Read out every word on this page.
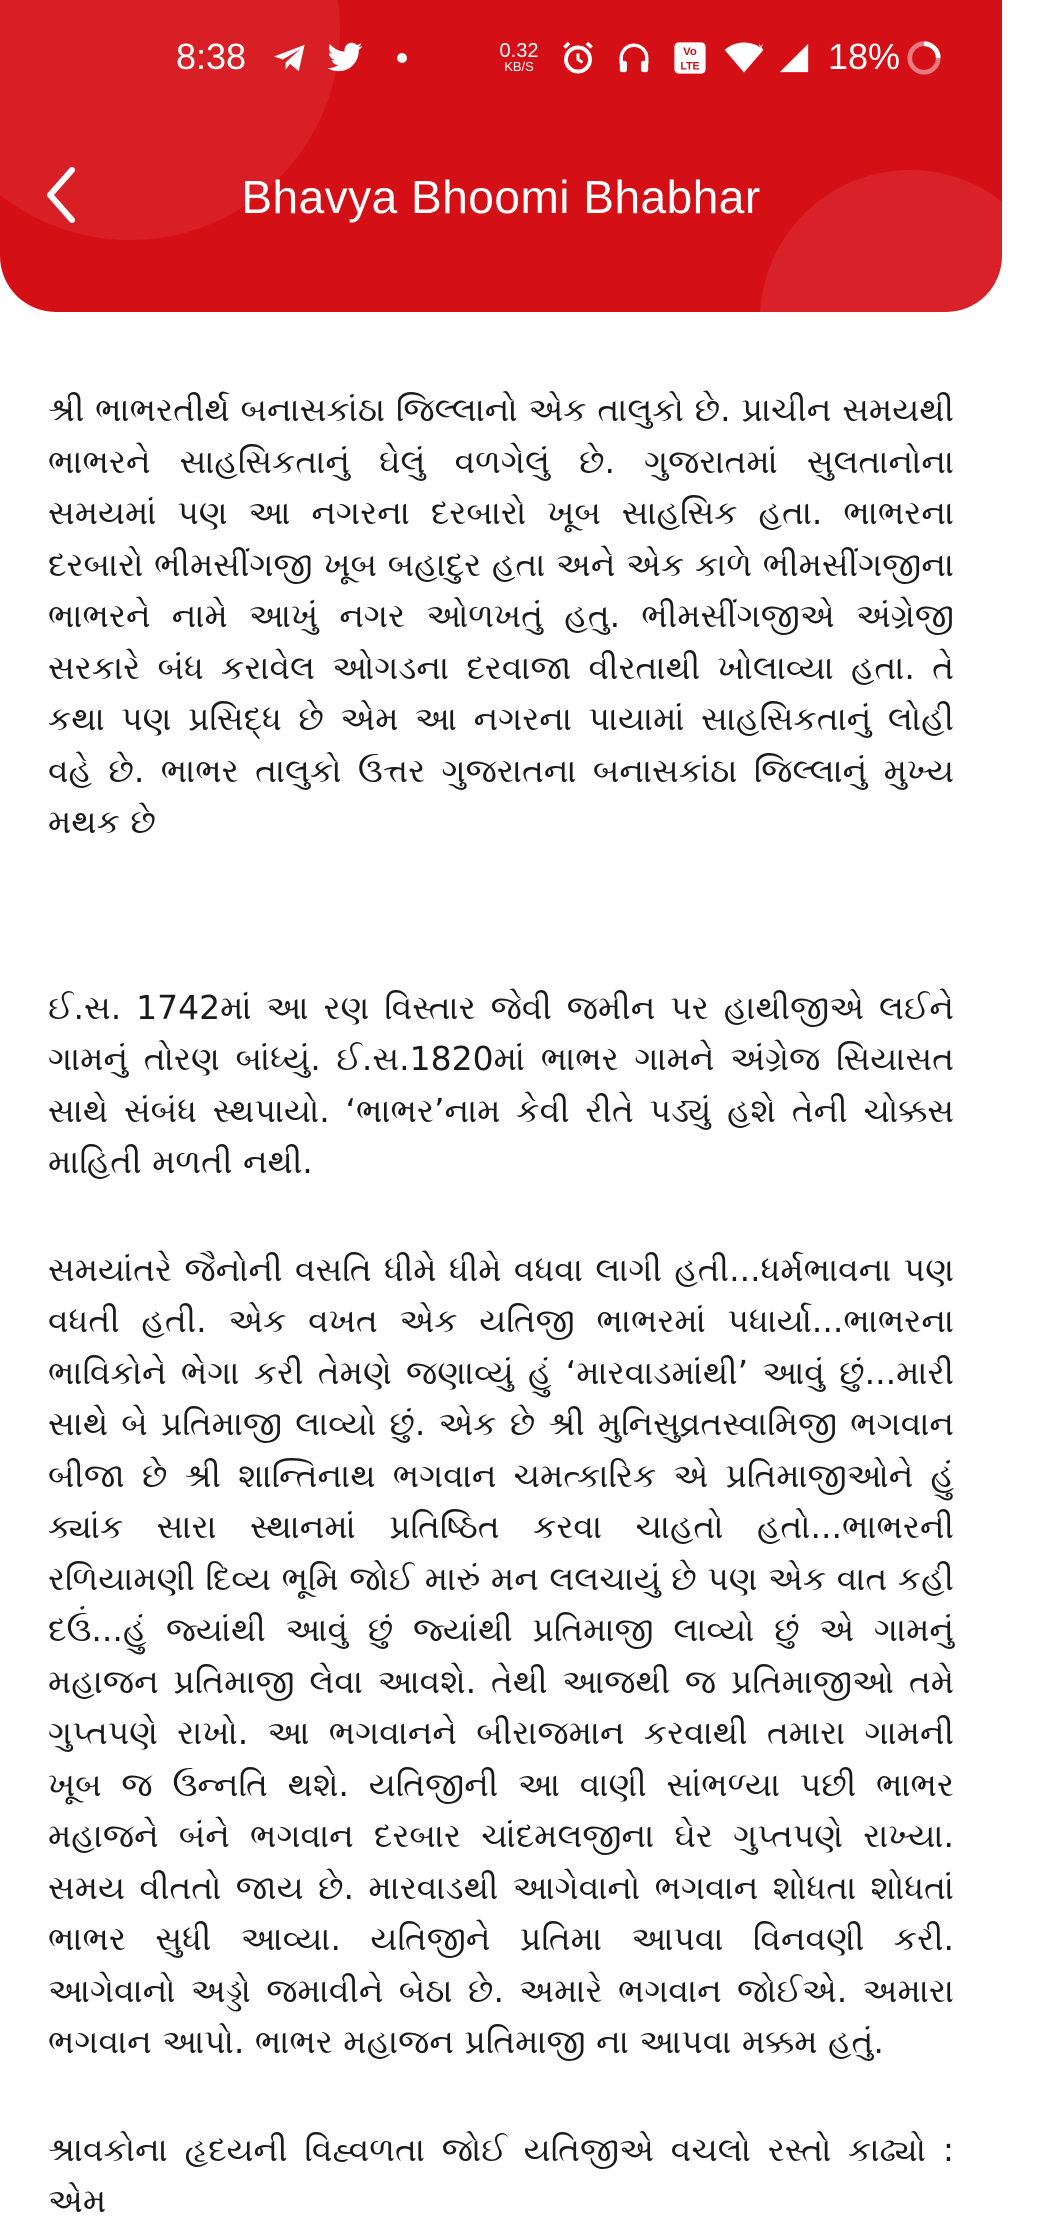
8:38	0.32
KB/S
Vo
LTE
x 18%
Bhavya Bhoomi Bhabhar

શ્રી ભાભરતીર્થ બનાસકાંઠા જિલ્લાનો એક તાલુકો છે. પ્રાચીન સમયથી ભાભરને સાહસિકતાનું ઘેલું વળગેલું છે. ગુજરાતમાં સુલતાનોના સમયમાં પણ આ નગરના દરબારો ખૂબ સાહસિક હતા. ભાભરના દરબારો ભીમસીંગજી ખૂબ બહાદુર હતા અને એક કાળે ભીમસીંગજીના ભાભરને નામે આખું નગર ઓળખતું હતુ. ભીમસીંગજીએ અંગ્રેજી સરકારે બંધ કરાવેલ ઓગડના દરવાજા વીરતાથી ખોલાવ્યા હતા. તે કથા પણ પ્રસિદ્ધ છે એમ આ નગરના પાયામાં સાહસિકતાનું લોહી વહે છે. ભાભર તાલુકો ઉત્તર ગુજરાતના બનાસકાંઠા જિલ્લાનું મુખ્ય મથક છે

ઈ.સ. 1742માં આ રણ વિસ્તાર જેવી જમીન પર હાથીજીએ લઈને ગામનું તોરણ બાંધ્યું. ઈ.સ.1820માં ભાભર ગામને અંગ્રેજ સિયાસત સાથે સંબંધ સ્થપાયો. ‘ભાભર’નામ કેવી રીતે પડ્યું હશે તેની ચોક્કસ માહિતી મળતી નથી.

સમયાંતરે જૈનોની વસતિ ધીમે ધીમે વધવા લાગી હતી...ધર્મભાવના પણ વધતી હતી. એક વખત એક યતિજી ભાભરમાં પધાર્યા...ભાભરના ભાવિકોને ભેગા કરી તેમણે જણાવ્યું હું ‘મારવાડમાંથી’ આવું છું...મારી સાથે બે પ્રતિમાજી લાવ્યો છું. એક છે શ્રી મુનિસુવ્રતસ્વામિજી ભગવાન બીજા છે શ્રી શાન્તિનાથ ભગવાન ચમત્કારિક એ પ્રતિમાજીઓને હું ક્યાંક સારા સ્થાનમાં પ્રતિષ્ઠિત કરવા ચાહતો હતો...ભાભરની રળિયામણી દિવ્ય ભૂમિ જોઈ મારું મન લલચાયું છે પણ એક વાત કહી દઉં...હું જ્યાંથી આવું છું જ્યાંથી પ્રતિમાજી લાવ્યો છું એ ગામનું મહાજન પ્રતિમાજી લેવા આવશે. તેથી આજથી જ પ્રતિમાજીઓ તમે ગુપ્તપણે રાખો. આ ભગવાનને બીરાજમાન કરવાથી તમારા ગામની ખૂબ જ ઉન્નતિ થશે. યતિજીની આ વાણી સાંભળ્યા પછી ભાભર મહાજને બંને ભગવાન દરબાર ચાંદમલજીના ઘેર ગુપ્તપણે રાખ્યા. સમય વીતતો જાય છે. મારવાડથી આગેવાનો ભગવાન શોધતા શોધતાં ભાભર સુધી આવ્યા. યતિજીને પ્રતિમા આપવા વિનવણી કરી. આગેવાનો અડ્ડો જમાવીને બેઠા છે. અમારે ભગવાન જોઈએ. અમારા ભગવાન આપો. ભાભર મહાજન પ્રતિમાજી ના આપવા મક્કમ હતું.

શ્રાવકોના હૃદયની વિહ્વળતા જોઈ યતિજીએ વચલો રસ્તો કાઢ્યો : એમ
